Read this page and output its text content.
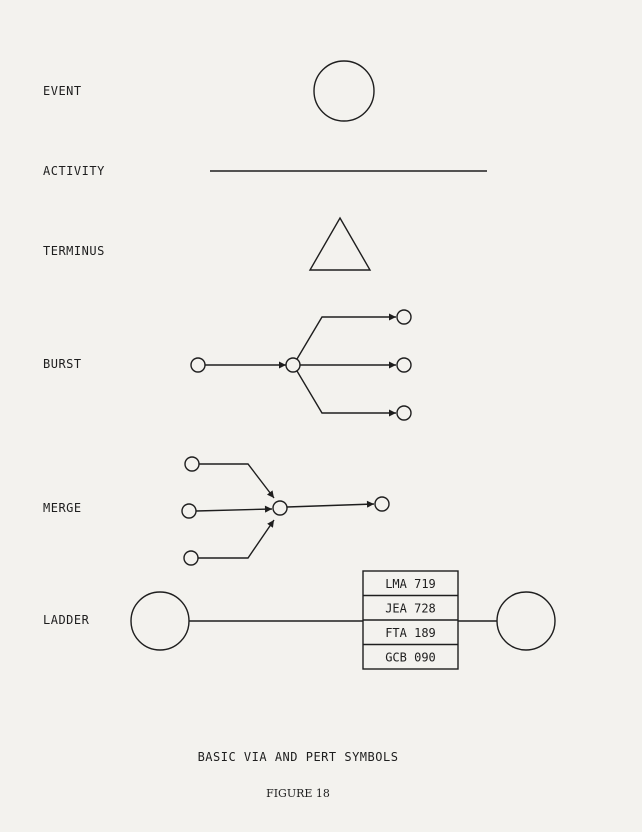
EVENT
ACTIVITY
TERMINUS
BURST
MERGE
LADDER
LMA 719
JEA 728
FTA 189
GCB 090
BASIC VIA AND PERT SYMBOLS
FIGURE 18
